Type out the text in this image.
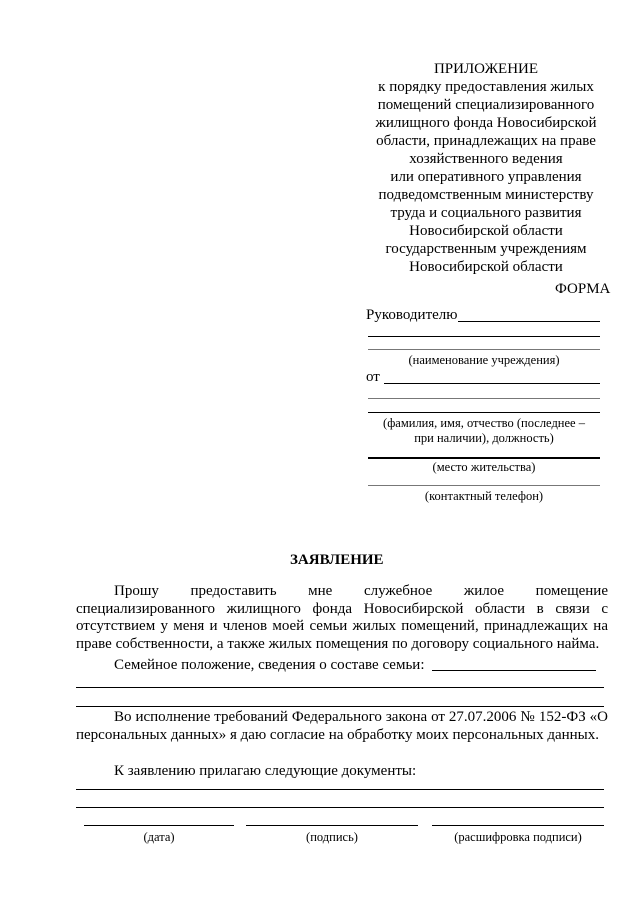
ПРИЛОЖЕНИЕ
к порядку предоставления жилых
помещений специализированного
жилищного фонда Новосибирской
области, принадлежащих на праве
хозяйственного ведения
или оперативного управления
подведомственным министерству
труда и социального развития
Новосибирской области
государственным учреждениям
Новосибирской области
ФОРМА
Руководителю
(наименование учреждения)
от
(фамилия, имя, отчество (последнее –
при наличии), должность)
(место жительства)
(контактный телефон)
ЗАЯВЛЕНИЕ
Прошу предоставить мне служебное жилое помещение специализированного жилищного фонда Новосибирской области в связи с отсутствием у меня и членов моей семьи жилых помещений, принадлежащих на праве собственности, а также жилых помещения по договору социального найма.
Семейное положение, сведения о составе семьи:
Во исполнение требований Федерального закона от 27.07.2006 № 152-ФЗ «О персональных данных» я даю согласие на обработку моих персональных данных.
К заявлению прилагаю следующие документы:
(дата)	(подпись)	(расшифровка подписи)
